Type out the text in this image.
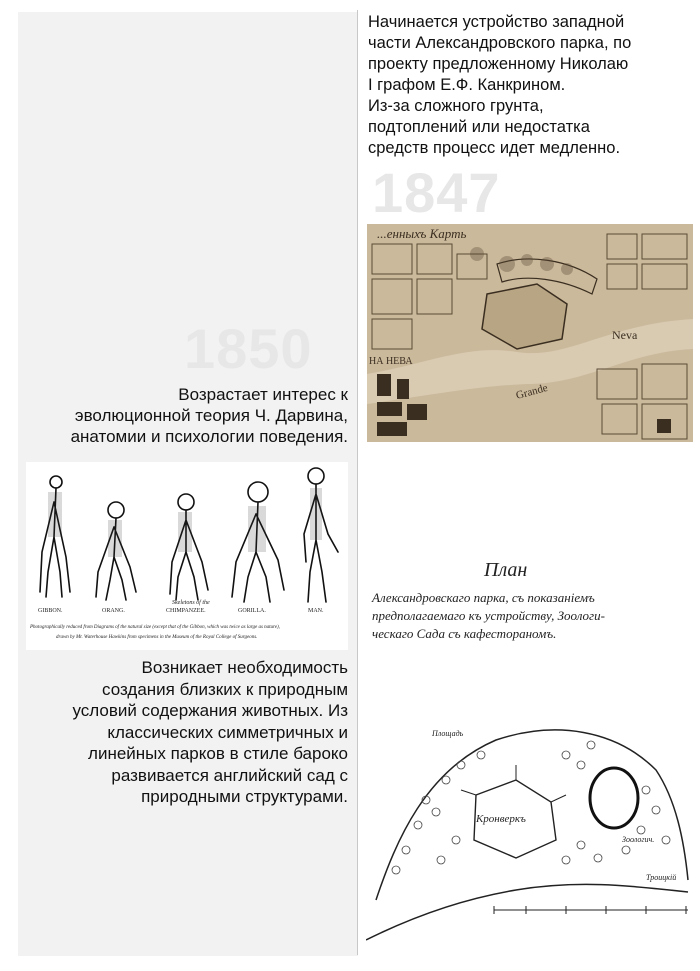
Начинается устройство западной
части Александровского парка, по
проекту предложенному Николаю
I графом Е.Ф. Канкрином.
Из-за сложного грунта,
подтоплений или недостатка
средств процесс идет медленно.
1847
...енныхъ Карть
НА НЕВА
Grande
Neva
1850
Возрастает интерес к
эволюционной теория Ч. Дарвина,
анатомии и психологии поведения.
GIBBON.	ORANG.
Skeletons of the
CHIMPANZEE.	GORILLA.	MAN.
Photographically reduced from Diagrams of the natural size (except that of the Gibbon, which was twice as large as nature),
drawn by Mr. Waterhouse Hawkins from specimens in the Museum of the Royal College of Surgeons.
Возникает необходимость
создания близких к природным
условий содержания животных. Из
классических симметричных и
линейных парков в стиле бароко
развивается английский сад с
природными структурами.
План
Александровскаго парка, съ показаніемъ
предполагаемаго къ устройству, Зоологи-
ческаго Сада съ кафестораномъ.
Кронверкъ
Площадь
Зоологич.
Троицкій
